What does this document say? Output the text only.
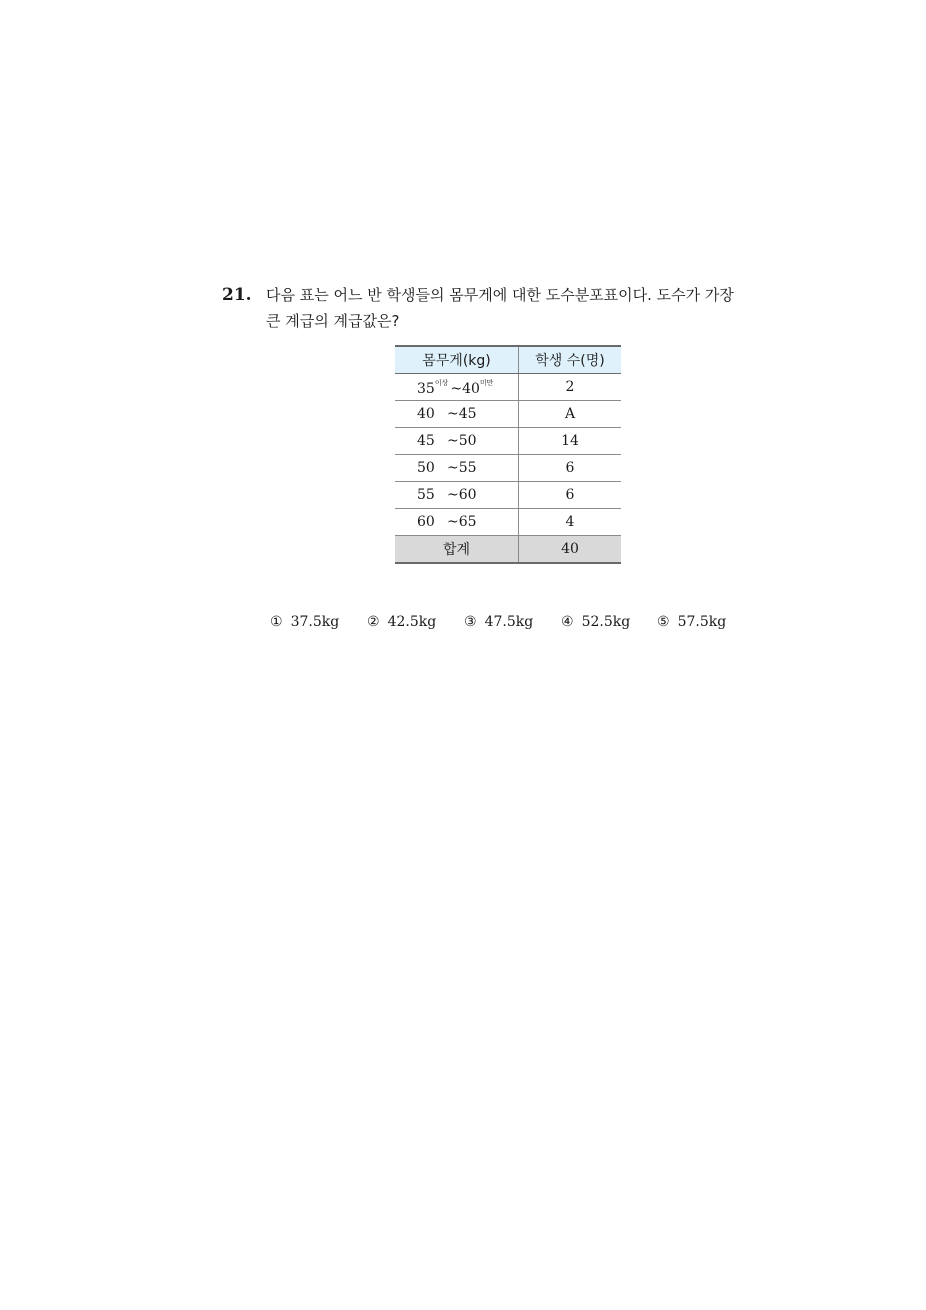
21. 다음 표는 어느 반 학생들의 몸무게에 대한 도수분포표이다. 도수가 가장
큰 계급의 계급값은?
몸무게(kg)	학생 수(명)
$35^{이상}$ $\sim 40^{미만}$	2
40 ~45	A
45 ~50	14
50 ~55	6
55 ~60	6
60 ~65	4
합계	40
① 37.5kg ② 42.5kg ③ 47.5kg ④ 52.5kg ⑤ 57.5kg
